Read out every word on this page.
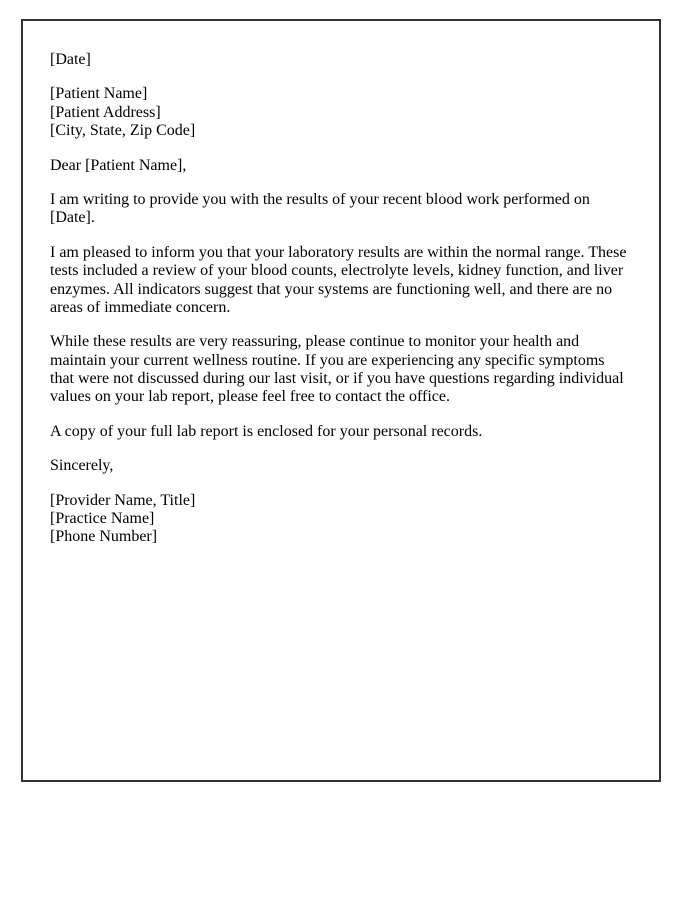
[Date]

[Patient Name]
[Patient Address]
[City, State, Zip Code]

Dear [Patient Name],

I am writing to provide you with the results of your recent blood work performed on [Date].

I am pleased to inform you that your laboratory results are within the normal range. These tests included a review of your blood counts, electrolyte levels, kidney function, and liver enzymes. All indicators suggest that your systems are functioning well, and there are no areas of immediate concern.

While these results are very reassuring, please continue to monitor your health and maintain your current wellness routine. If you are experiencing any specific symptoms that were not discussed during our last visit, or if you have questions regarding individual values on your lab report, please feel free to contact the office.

A copy of your full lab report is enclosed for your personal records.

Sincerely,

[Provider Name, Title]
[Practice Name]
[Phone Number]
